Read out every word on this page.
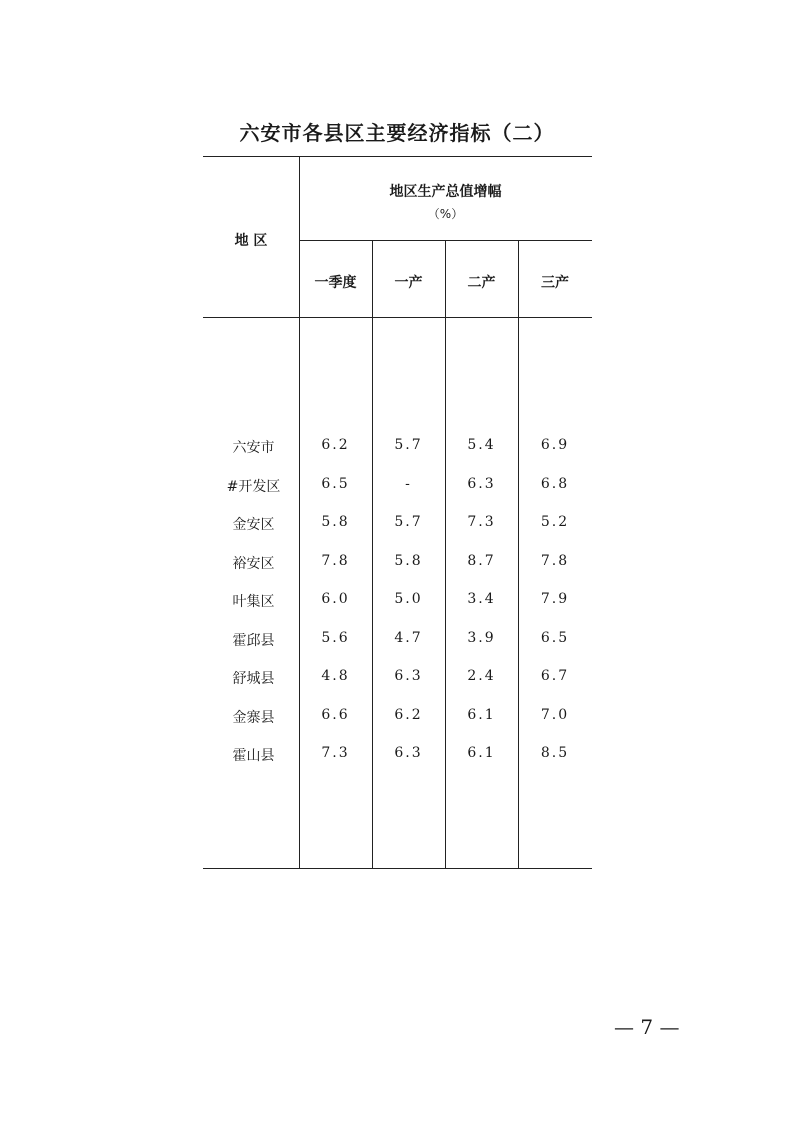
六安市各县区主要经济指标（二）
地 区
地区生产总值增幅
（%）
一季度	一产	二产	三产
六安市	6.2	5.7	5.4	6.9
#开发区	6.5	-	6.3	6.8
金安区	5.8	5.7	7.3	5.2
裕安区	7.8	5.8	8.7	7.8
叶集区	6.0	5.0	3.4	7.9
霍邱县	5.6	4.7	3.9	6.5
舒城县	4.8	6.3	2.4	6.7
金寨县	6.6	6.2	6.1	7.0
霍山县	7.3	6.3	6.1	8.5
— 7 —
